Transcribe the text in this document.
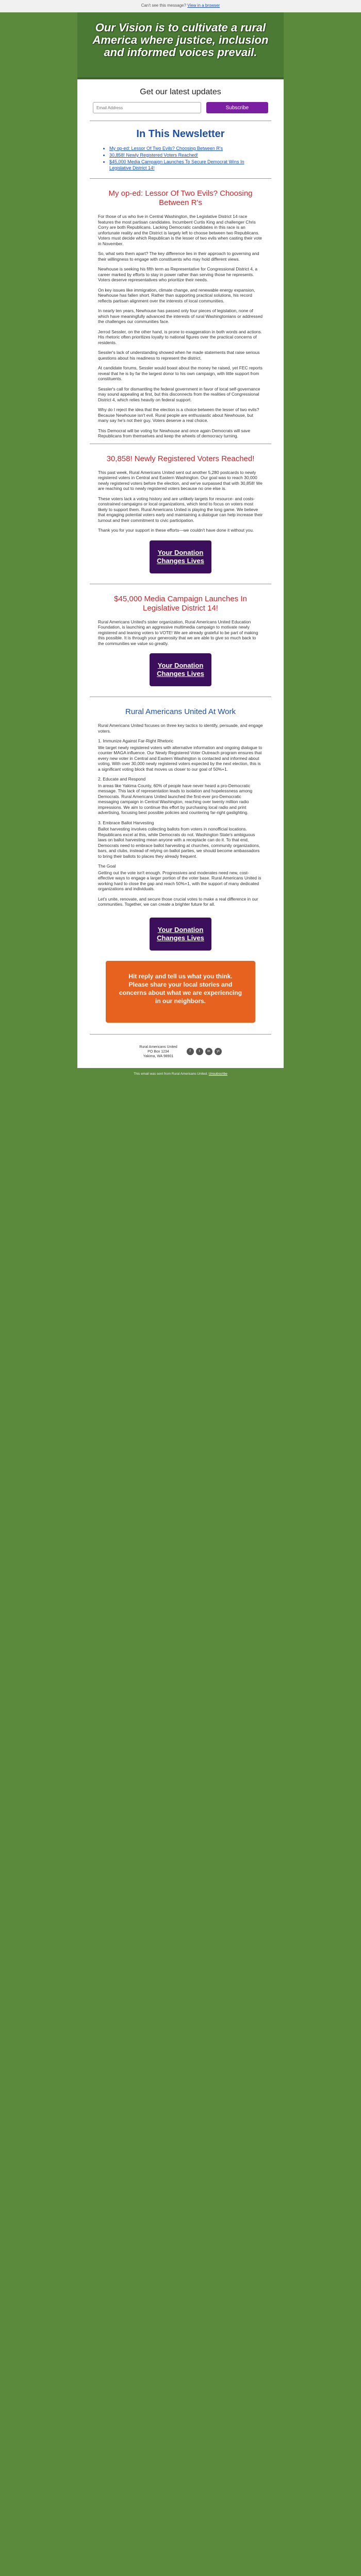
Can't see this message? View in a browser
Our Vision is to cultivate a rural America where justice, inclusion and informed voices prevail.
Get our latest updates
Email Address
Subscribe
In This Newsletter
• My op-ed: Lessor Of Two Evils? Choosing Between R's
• 30,858! Newly Registered Voters Reached!
• $45,000 Media Campaign Launches To Secure Democrat Wins In Legislative District 14!
My op-ed: Lessor Of Two Evils? Choosing Between R's

For those of us who live in Central Washington, the Legislative District 14 race features the most partisan candidates. Incumbent Curtis King and challenger Chris Corry are both Republicans. Lacking Democratic candidates in this race is an unfortunate reality and the District is largely left to choose between two Republicans. Voters must decide which Republican is the lesser of two evils when casting their vote in November.

So, what sets them apart? The key difference lies in their approach to governing and their willingness to engage with constituents who may hold different views.

Newhouse is seeking his fifth term as Representative for Congressional District 4, a career marked by efforts to stay in power rather than serving those he represents. Voters deserve representatives who prioritize their needs.

On key issues like immigration, climate change, and renewable energy expansion, Newhouse has fallen short. Rather than supporting practical solutions, his record reflects partisan alignment over the interests of local communities.

In nearly ten years, Newhouse has passed only four pieces of legislation, none of which have meaningfully advanced the interests of rural Washingtonians or addressed the challenges our communities face.

Jerrod Sessler, on the other hand, is prone to exaggeration in both words and actions. His rhetoric often prioritizes loyalty to national figures over the practical concerns of residents.

Sessler's lack of understanding showed when he made statements that raise serious questions about his readiness to represent the district.

At candidate forums, Sessler would boast about the money he raised, yet FEC reports reveal that he is by far the largest donor to his own campaign, with little support from constituents.

Sessler's call for dismantling the federal government in favor of local self-governance may sound appealing at first, but this disconnects from the realities of Congressional District 4, which relies heavily on federal support.

Why do I reject the idea that the election is a choice between the lesser of two evils? Because Newhouse isn't evil. Rural people are enthusiastic about Newhouse, but many say he's not their guy. Voters deserve a real choice.

This Democrat will be voting for Newhouse and once again Democrats will save Republicans from themselves and keep the wheels of democracy turning.

30,858! Newly Registered Voters Reached!

This past week, Rural Americans United sent out another 5,280 postcards to newly registered voters in Central and Eastern Washington. Our goal was to reach 30,000 newly registered voters before the election, and we've surpassed that with 30,858! We are reaching out to newly registered voters because no one else is.

These voters lack a voting history and are unlikely targets for resource- and costs-constrained campaigns or local organizations, which tend to focus on voters most likely to support them. Rural Americans United is playing the long game. We believe that engaging potential voters early and maintaining a dialogue can help increase their turnout and their commitment to civic participation.

Thank you for your support in these efforts—we couldn't have done it without you.

Your Donation Changes Lives
$45,000 Media Campaign Launches In Legislative District 14!

Rural Americans United's sister organization, Rural Americans United Education Foundation, is launching an aggressive multimedia campaign to motivate newly registered and leaning voters to VOTE! We are already grateful to be part of making this possible. It is through your generosity that we are able to give so much back to the communities we value so greatly.

Your Donation Changes Lives
Rural Americans United At Work

Rural Americans United focuses on three key tactics to identify, persuade, and engage voters.

1. Immunize Against Far-Right Rhetoric

We target newly registered voters with alternative information and ongoing dialogue to counter MAGA influence. Our Newly Registered Voter Outreach program ensures that every new voter in Central and Eastern Washington is contacted and informed about voting. With over 30,000 newly registered voters expected by the next election, this is a significant voting block that moves us closer to our goal of 50%+1.

2. Educate and Respond

In areas like Yakima County, 60% of people have never heard a pro-Democratic message. This lack of representation leads to isolation and hopelessness among Democrats. Rural Americans United launched the first-ever pro-Democratic messaging campaign in Central Washington, reaching over twenty million radio impressions. We aim to continue this effort by purchasing local radio and print advertising, focusing best possible policies and countering far-right gaslighting.

3. Embrace Ballot Harvesting

Ballot harvesting involves collecting ballots from voters in nonofficial locations. Republicans excel at this, while Democrats do not. Washington State's ambiguous laws on ballot harvesting mean anyone with a receptacle can do it. To that end, Democrats need to embrace ballot harvesting at churches, community organizations, bars, and clubs, instead of relying on ballot parties, we should become ambassadors to bring their ballots to places they already frequent.

The Goal

Getting out the vote isn't enough. Progressives and moderates need new, cost-effective ways to engage a larger portion of the voter base. Rural Americans United is working hard to close the gap and reach 50%+1, with the support of many dedicated organizations and individuals.

Let's unite, renovate, and secure those crucial votes to make a real difference in our communities. Together, we can create a brighter future for all.

Your Donation Changes Lives
Hit reply and tell us what you think. Please share your local stories and concerns about what we are experiencing in our neighbors.
Rural Americans United
PO Box 1234
Yakima, WA 98901
f	t	in	yt
This email was sent from Rural Americans United. Unsubscribe
